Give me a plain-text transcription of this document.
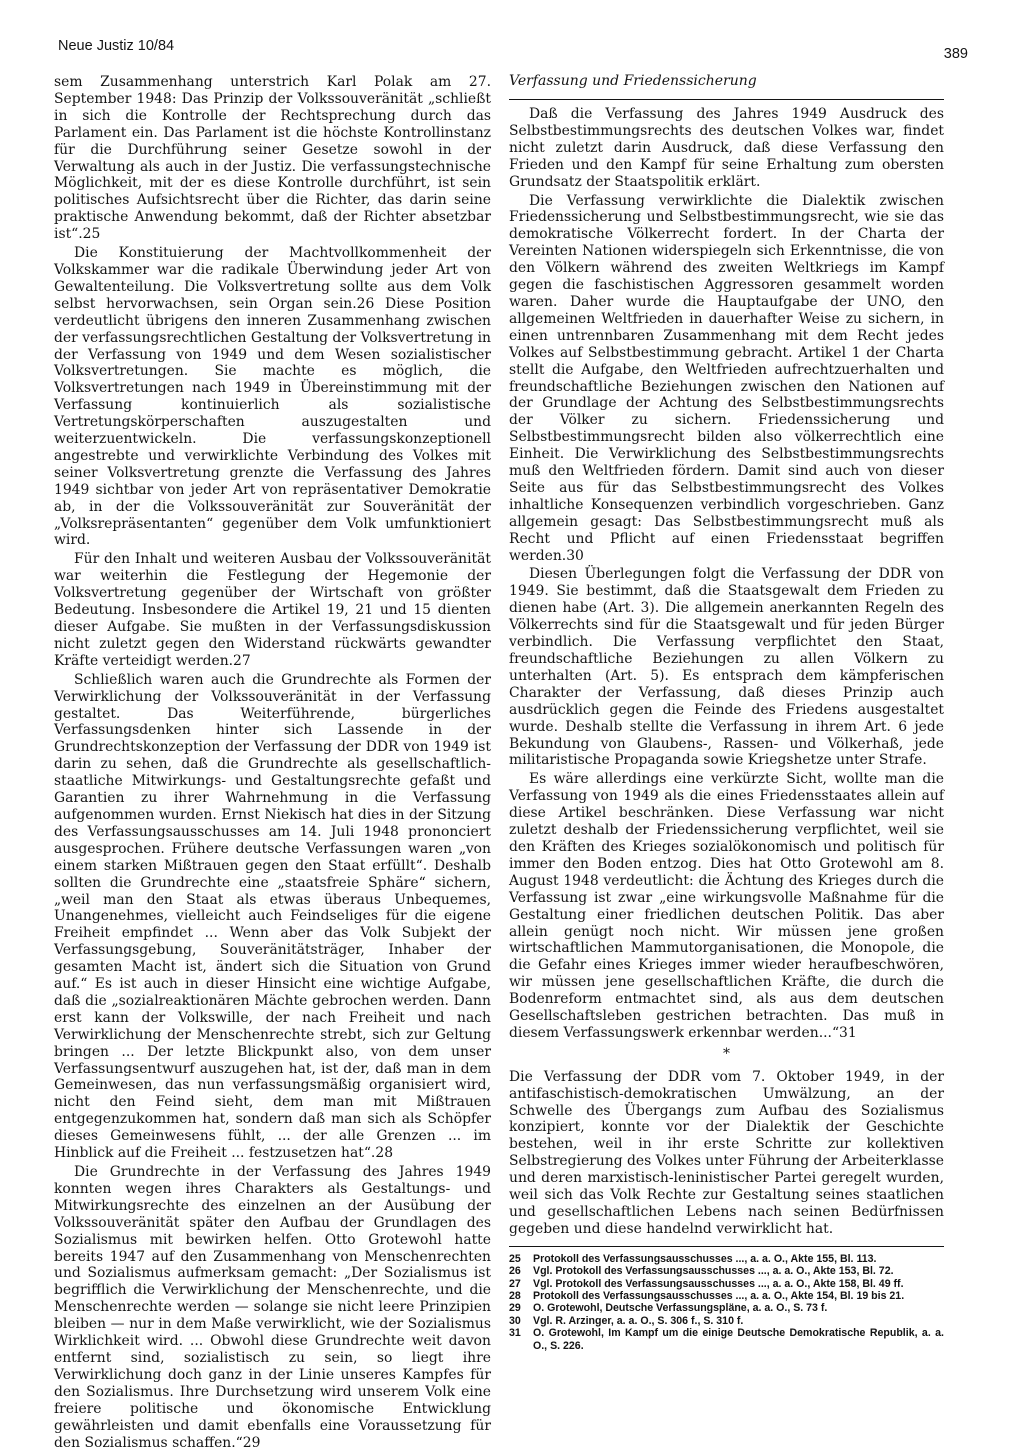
Neue Justiz 10/84	389

sem Zusammenhang unterstrich Karl Polak am 27. September 1948: Das Prinzip der Volkssouveränität „schließt in sich die Kontrolle der Rechtsprechung durch das Parlament ein. Das Parlament ist die höchste Kontrollinstanz für die Durchführung seiner Gesetze sowohl in der Verwaltung als auch in der Justiz. Die verfassungstechnische Möglichkeit, mit der es diese Kontrolle durchführt, ist sein politisches Aufsichtsrecht über die Richter, das darin seine praktische Anwendung bekommt, daß der Richter absetzbar ist“.25

Die Konstituierung der Machtvollkommenheit der Volkskammer war die radikale Überwindung jeder Art von Gewaltenteilung. Die Volksvertretung sollte aus dem Volk selbst hervorwachsen, sein Organ sein.26 Diese Position verdeutlicht übrigens den inneren Zusammenhang zwischen der verfassungsrechtlichen Gestaltung der Volksvertretung in der Verfassung von 1949 und dem Wesen sozialistischer Volksvertretungen. Sie machte es möglich, die Volksvertretungen nach 1949 in Übereinstimmung mit der Verfassung kontinuierlich als sozialistische Vertretungskörperschaften auszugestalten und weiterzuentwickeln. Die verfassungskonzeptionell angestrebte und verwirklichte Verbindung des Volkes mit seiner Volksvertretung grenzte die Verfassung des Jahres 1949 sichtbar von jeder Art von repräsentativer Demokratie ab, in der die Volkssouveränität zur Souveränität der „Volksrepräsentanten“ gegenüber dem Volk umfunktioniert wird.

Für den Inhalt und weiteren Ausbau der Volkssouveränität war weiterhin die Festlegung der Hegemonie der Volksvertretung gegenüber der Wirtschaft von größter Bedeutung. Insbesondere die Artikel 19, 21 und 15 dienten dieser Aufgabe. Sie mußten in der Verfassungsdiskussion nicht zuletzt gegen den Widerstand rückwärts gewandter Kräfte verteidigt werden.27

Schließlich waren auch die Grundrechte als Formen der Verwirklichung der Volkssouveränität in der Verfassung gestaltet. Das Weiterführende, bürgerliches Verfassungsdenken hinter sich Lassende in der Grundrechtskonzeption der Verfassung der DDR von 1949 ist darin zu sehen, daß die Grundrechte als gesellschaftlich-staatliche Mitwirkungs- und Gestaltungsrechte gefaßt und Garantien zu ihrer Wahrnehmung in die Verfassung aufgenommen wurden. Ernst Niekisch hat dies in der Sitzung des Verfassungsausschusses am 14. Juli 1948 prononciert ausgesprochen. Frühere deutsche Verfassungen waren „von einem starken Mißtrauen gegen den Staat erfüllt“. Deshalb sollten die Grundrechte eine „staatsfreie Sphäre“ sichern, „weil man den Staat als etwas überaus Unbequemes, Unangenehmes, vielleicht auch Feindseliges für die eigene Freiheit empfindet ... Wenn aber das Volk Subjekt der Verfassungsgebung, Souveränitätsträger, Inhaber der gesamten Macht ist, ändert sich die Situation von Grund auf.“ Es ist auch in dieser Hinsicht eine wichtige Aufgabe, daß die „sozialreaktionären Mächte gebrochen werden. Dann erst kann der Volkswille, der nach Freiheit und nach Verwirklichung der Menschenrechte strebt, sich zur Geltung bringen ... Der letzte Blickpunkt also, von dem unser Verfassungsentwurf auszugehen hat, ist der, daß man in dem Gemeinwesen, das nun verfassungsmäßig organisiert wird, nicht den Feind sieht, dem man mit Mißtrauen entgegenzukommen hat, sondern daß man sich als Schöpfer dieses Gemeinwesens fühlt, ... der alle Grenzen ... im Hinblick auf die Freiheit ... festzusetzen hat“.28

Die Grundrechte in der Verfassung des Jahres 1949 konnten wegen ihres Charakters als Gestaltungs- und Mitwirkungsrechte des einzelnen an der Ausübung der Volkssouveränität später den Aufbau der Grundlagen des Sozialismus mit bewirken helfen. Otto Grotewohl hatte bereits 1947 auf den Zusammenhang von Menschenrechten und Sozialismus aufmerksam gemacht: „Der Sozialismus ist begrifflich die Verwirklichung der Menschenrechte, und die Menschenrechte werden — solange sie nicht leere Prinzipien bleiben — nur in dem Maße verwirklicht, wie der Sozialismus Wirklichkeit wird. ... Obwohl diese Grundrechte weit davon entfernt sind, sozialistisch zu sein, so liegt ihre Verwirklichung doch ganz in der Linie unseres Kampfes für den Sozialismus. Ihre Durchsetzung wird unserem Volk eine freiere politische und ökonomische Entwicklung gewährleisten und damit ebenfalls eine Voraussetzung für den Sozialismus schaffen.“29

Verfassung und Friedenssicherung

Daß die Verfassung des Jahres 1949 Ausdruck des Selbstbestimmungsrechts des deutschen Volkes war, findet nicht zuletzt darin Ausdruck, daß diese Verfassung den Frieden und den Kampf für seine Erhaltung zum obersten Grundsatz der Staatspolitik erklärt.

Die Verfassung verwirklichte die Dialektik zwischen Friedenssicherung und Selbstbestimmungsrecht, wie sie das demokratische Völkerrecht fordert. In der Charta der Vereinten Nationen widerspiegeln sich Erkenntnisse, die von den Völkern während des zweiten Weltkriegs im Kampf gegen die faschistischen Aggressoren gesammelt worden waren. Daher wurde die Hauptaufgabe der UNO, den allgemeinen Weltfrieden in dauerhafter Weise zu sichern, in einen untrennbaren Zusammenhang mit dem Recht jedes Volkes auf Selbstbestimmung gebracht. Artikel 1 der Charta stellt die Aufgabe, den Weltfrieden aufrechtzuerhalten und freundschaftliche Beziehungen zwischen den Nationen auf der Grundlage der Achtung des Selbstbestimmungsrechts der Völker zu sichern. Friedenssicherung und Selbstbestimmungsrecht bilden also völkerrechtlich eine Einheit. Die Verwirklichung des Selbstbestimmungsrechts muß den Weltfrieden fördern. Damit sind auch von dieser Seite aus für das Selbstbestimmungsrecht des Volkes inhaltliche Konsequenzen verbindlich vorgeschrieben. Ganz allgemein gesagt: Das Selbstbestimmungsrecht muß als Recht und Pflicht auf einen Friedensstaat begriffen werden.30

Diesen Überlegungen folgt die Verfassung der DDR von 1949. Sie bestimmt, daß die Staatsgewalt dem Frieden zu dienen habe (Art. 3). Die allgemein anerkannten Regeln des Völkerrechts sind für die Staatsgewalt und für jeden Bürger verbindlich. Die Verfassung verpflichtet den Staat, freundschaftliche Beziehungen zu allen Völkern zu unterhalten (Art. 5). Es entsprach dem kämpferischen Charakter der Verfassung, daß dieses Prinzip auch ausdrücklich gegen die Feinde des Friedens ausgestaltet wurde. Deshalb stellte die Verfassung in ihrem Art. 6 jede Bekundung von Glaubens-, Rassen- und Völkerhaß, jede militaristische Propaganda sowie Kriegshetze unter Strafe.

Es wäre allerdings eine verkürzte Sicht, wollte man die Verfassung von 1949 als die eines Friedensstaates allein auf diese Artikel beschränken. Diese Verfassung war nicht zuletzt deshalb der Friedenssicherung verpflichtet, weil sie den Kräften des Krieges sozialökonomisch und politisch für immer den Boden entzog. Dies hat Otto Grotewohl am 8. August 1948 verdeutlicht: die Ächtung des Krieges durch die Verfassung ist zwar „eine wirkungsvolle Maßnahme für die Gestaltung einer friedlichen deutschen Politik. Das aber allein genügt noch nicht. Wir müssen jene großen wirtschaftlichen Mammutorganisationen, die Monopole, die die Gefahr eines Krieges immer wieder heraufbeschwören, wir müssen jene gesellschaftlichen Kräfte, die durch die Bodenreform entmachtet sind, als aus dem deutschen Gesellschaftsleben gestrichen betrachten. Das muß in diesem Verfassungswerk erkennbar werden...“31

*

Die Verfassung der DDR vom 7. Oktober 1949, in der antifaschistisch-demokratischen Umwälzung, an der Schwelle des Übergangs zum Aufbau des Sozialismus konzipiert, konnte vor der Dialektik der Geschichte bestehen, weil in ihr erste Schritte zur kollektiven Selbstregierung des Volkes unter Führung der Arbeiterklasse und deren marxistisch-leninistischer Partei geregelt wurden, weil sich das Volk Rechte zur Gestaltung seines staatlichen und gesellschaftlichen Lebens nach seinen Bedürfnissen gegeben und diese handelnd verwirklicht hat.

25	Protokoll des Verfassungsausschusses ..., a. a. O., Akte 155, Bl. 113.
26	Vgl. Protokoll des Verfassungsausschusses ..., a. a. O., Akte 153, Bl. 72.
27	Vgl. Protokoll des Verfassungsausschusses ..., a. a. O., Akte 158, Bl. 49 ff.
28	Protokoll des Verfassungsausschusses ..., a. a. O., Akte 154, Bl. 19 bis 21.
29	O. Grotewohl, Deutsche Verfassungspläne, a. a. O., S. 73 f.
30	Vgl. R. Arzinger, a. a. O., S. 306 f., S. 310 f.
31	O. Grotewohl, Im Kampf um die einige Deutsche Demokratische Republik, a. a. O., S. 226.
